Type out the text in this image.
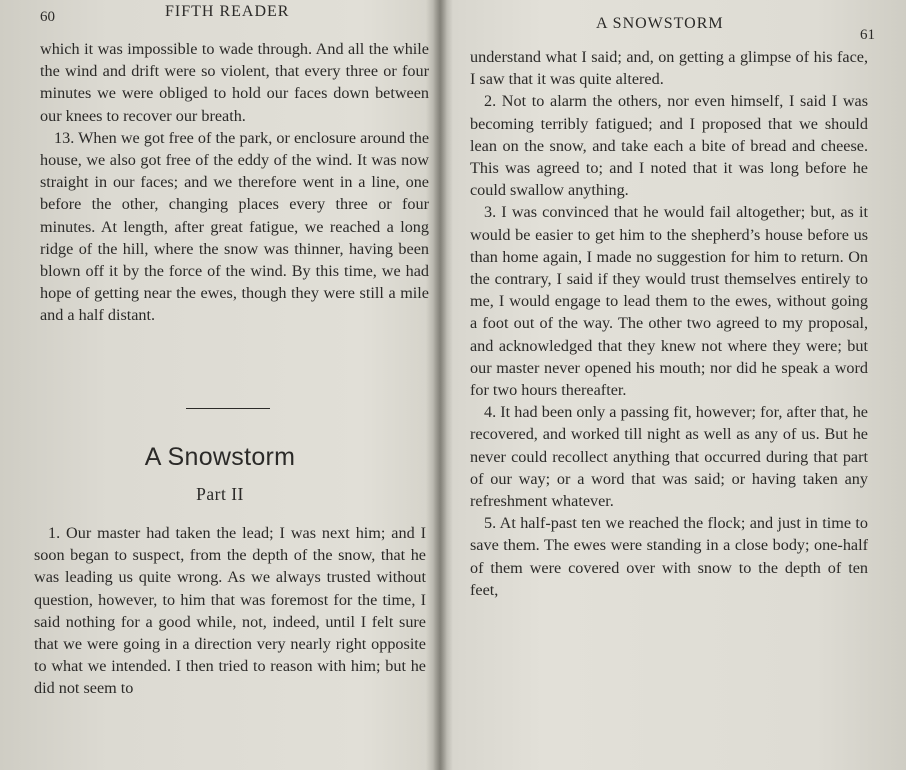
60	FIFTH READER

which it was impossible to wade through. And all the while the wind and drift were so violent, that every three or four minutes we were obliged to hold our faces down between our knees to recover our breath.

13. When we got free of the park, or enclosure around the house, we also got free of the eddy of the wind. It was now straight in our faces; and we therefore went in a line, one before the other, changing places every three or four minutes. At length, after great fatigue, we reached a long ridge of the hill, where the snow was thinner, having been blown off it by the force of the wind. By this time, we had hope of getting near the ewes, though they were still a mile and a half distant.

A Snowstorm
Part II

1. Our master had taken the lead; I was next him; and I soon began to suspect, from the depth of the snow, that he was leading us quite wrong. As we always trusted without question, however, to him that was foremost for the time, I said nothing for a good while, not, indeed, until I felt sure that we were going in a direction very nearly right opposite to what we intended. I then tried to reason with him; but he did not seem to

A SNOWSTORM
61

understand what I said; and, on getting a glimpse of his face, I saw that it was quite altered.

2. Not to alarm the others, nor even himself, I said I was becoming terribly fatigued; and I proposed that we should lean on the snow, and take each a bite of bread and cheese. This was agreed to; and I noted that it was long before he could swallow anything.

3. I was convinced that he would fail altogether; but, as it would be easier to get him to the shepherd’s house before us than home again, I made no suggestion for him to return. On the contrary, I said if they would trust themselves entirely to me, I would engage to lead them to the ewes, without going a foot out of the way. The other two agreed to my proposal, and acknowledged that they knew not where they were; but our master never opened his mouth; nor did he speak a word for two hours thereafter.

4. It had been only a passing fit, however; for, after that, he recovered, and worked till night as well as any of us. But he never could recollect anything that occurred during that part of our way; or a word that was said; or having taken any refreshment whatever.

5. At half-past ten we reached the flock; and just in time to save them. The ewes were standing in a close body; one-half of them were covered over with snow to the depth of ten feet,
